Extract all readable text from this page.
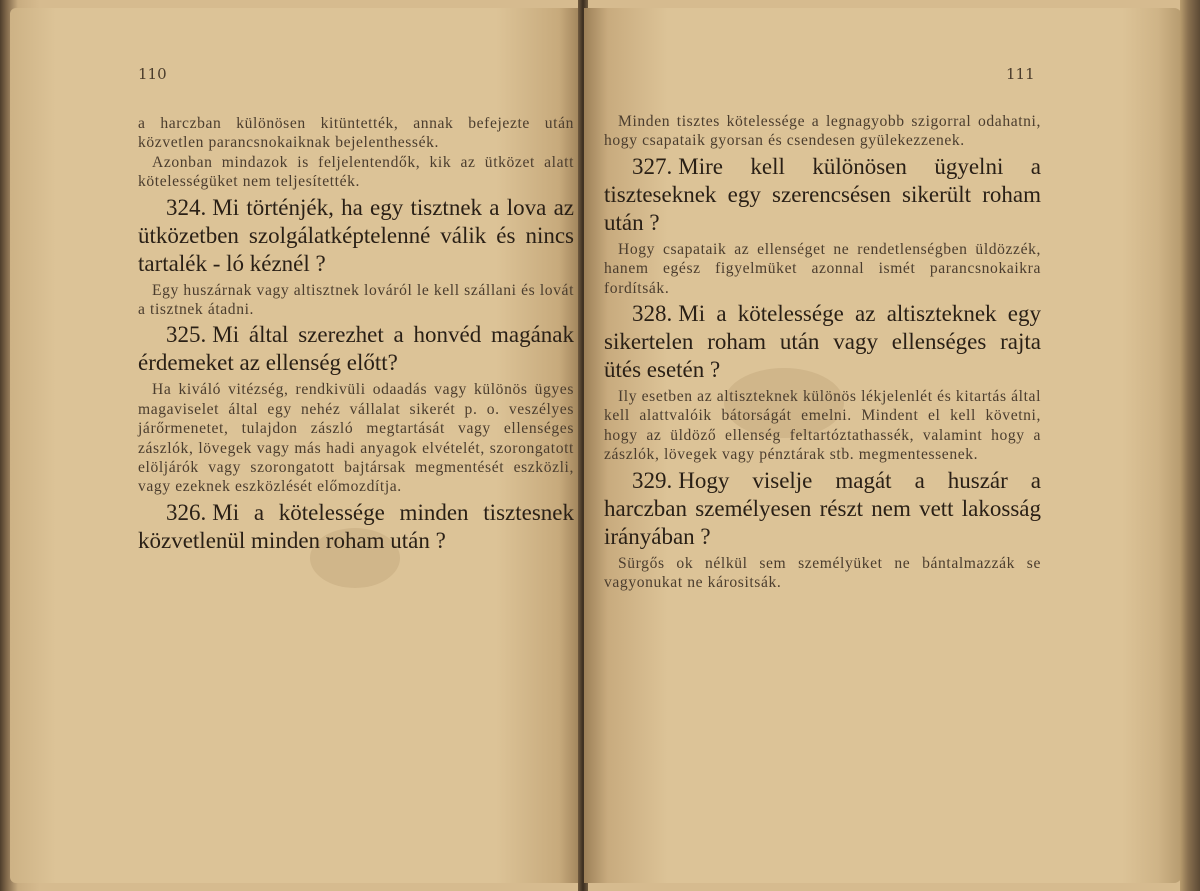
110

a harczban különösen kitüntették, annak befejezte után közvetlen parancsnokaiknak bejelenthessék.

Azonban mindazok is feljelentendők, kik az ütközet alatt kötelességüket nem teljesítették.

324. Mi történjék, ha egy tisztnek a lova az ütközetben szolgálatképtelenné válik és nincs tartalék - ló kéznél ?

Egy huszárnak vagy altisztnek lováról le kell szállani és lovát a tisztnek átadni.

325. Mi által szerezhet a honvéd magának érdemeket az ellenség előtt?

Ha kiváló vitézség, rendkivüli odaadás vagy különös ügyes magaviselet által egy nehéz vállalat sikerét p. o. veszélyes járőrmenetet, tulajdon zászló megtartását vagy ellenséges zászlók, lövegek vagy más hadi anyagok elvételét, szorongatott elöljárók vagy szorongatott bajtársak megmentését eszközli, vagy ezeknek eszközlését előmozdítja.

326. Mi a kötelessége minden tisztesnek közvetlenül minden roham után ?

111

Minden tisztes kötelessége a legnagyobb szigorral odahatni, hogy csapataik gyorsan és csendesen gyülekezzenek.

327. Mire kell különösen ügyelni a tiszteseknek egy szerencsésen sikerült roham után ?

Hogy csapataik az ellenséget ne rendetlenségben üldözzék, hanem egész figyelmüket azonnal ismét parancsnokaikra fordítsák.

328. Mi a kötelessége az altiszteknek egy sikertelen roham után vagy ellenséges rajta ütés esetén ?

Ily esetben az altiszteknek különös lékjelenlét és kitartás által kell alattvalóik bátorságát emelni. Mindent el kell követni, hogy az üldöző ellenség feltartóztathassék, valamint hogy a zászlók, lövegek vagy pénztárak stb. megmentessenek.

329. Hogy viselje magát a huszár a harczban személyesen részt nem vett lakosság irányában ?

Sürgős ok nélkül sem személyüket ne bántalmazzák se vagyonukat ne kárositsák.
